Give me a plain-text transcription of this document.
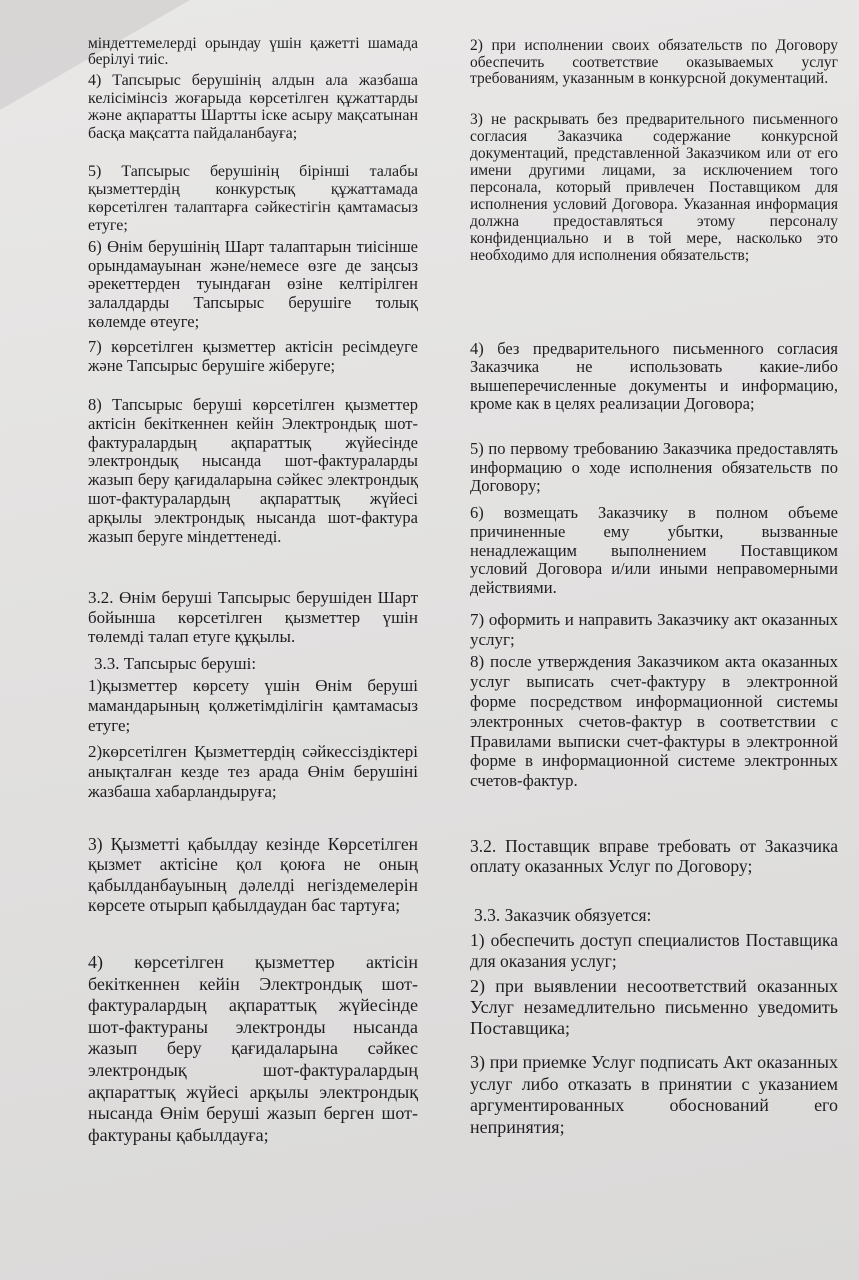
міндеттемелерді орындау үшін қажетті шамада берілуі тиіс.

4) Тапсырыс берушінің алдын ала жазбаша келісімінсіз жоғарыда көрсетілген құжаттарды және ақпаратты Шартты іске асыру мақсатынан басқа мақсатта пайдаланбауға;

5) Тапсырыс берушінің бірінші талабы қызметтердің конкурстық құжаттамада көрсетілген талаптарға сәйкестігін қамтамасыз етуге;

6) Өнім берушінің Шарт талаптарын тиісінше орындамауынан және/немесе өзге де заңсыз әрекеттерден туындаған өзіне келтірілген залалдарды Тапсырыс берушіге толық көлемде өтеуге;

7) көрсетілген қызметтер актісін ресімдеуге және Тапсырыс берушіге жіберуге;

8) Тапсырыс беруші көрсетілген қызметтер актісін бекіткеннен кейін Электрондық шот-фактуралардың ақпараттық жүйесінде электрондық нысанда шот-фактураларды жазып беру қағидаларына сәйкес электрондық шот-фактуралардың ақпараттық жүйесі арқылы электрондық нысанда шот-фактура жазып беруге міндеттенеді.

3.2. Өнім беруші Тапсырыс берушіден Шарт бойынша көрсетілген қызметтер үшін төлемді талап етуге құқылы.

3.3. Тапсырыс беруші:

1)қызметтер көрсету үшін Өнім беруші мамандарының қолжетімділігін қамтамасыз етуге;

2)көрсетілген Қызметтердің сәйкессіздіктері анықталған кезде тез арада Өнім берушіні жазбаша хабарландыруға;

3) Қызметті қабылдау кезінде Көрсетілген қызмет актісіне қол қоюға не оның қабылданбауының дәлелді негіздемелерін көрсете отырып қабылдаудан бас тартуға;

4) көрсетілген қызметтер актісін бекіткеннен кейін Электрондық шот-фактуралардың ақпараттық жүйесінде шот-фактураны электронды нысанда жазып беру қағидаларына сәйкес электрондық шот-фактуралардың ақпараттық жүйесі арқылы электрондық нысанда Өнім беруші жазып берген шот-фактураны қабылдауға;

2) при исполнении своих обязательств по Договору обеспечить соответствие оказываемых услуг требованиям, указанным в конкурсной документаций.

3) не раскрывать без предварительного письменного согласия Заказчика содержание конкурсной документаций, представленной Заказчиком или от его имени другими лицами, за исключением того персонала, который привлечен Поставщиком для исполнения условий Договора. Указанная информация должна предоставляться этому персоналу конфиденциально и в той мере, насколько это необходимо для исполнения обязательств;

4) без предварительного письменного согласия Заказчика не использовать какие-либо вышеперечисленные документы и информацию, кроме как в целях реализации Договора;

5) по первому требованию Заказчика предоставлять информацию о ходе исполнения обязательств по Договору;

6) возмещать Заказчику в полном объеме причиненные ему убытки, вызванные ненадлежащим выполнением Поставщиком условий Договора и/или иными неправомерными действиями.

7) оформить и направить Заказчику акт оказанных услуг;

8) после утверждения Заказчиком акта оказанных услуг выписать счет-фактуру в электронной форме посредством информационной системы электронных счетов-фактур в соответствии с Правилами выписки счет-фактуры в электронной форме в информационной системе электронных счетов-фактур.

3.2. Поставщик вправе требовать от Заказчика оплату оказанных Услуг по Договору;

3.3. Заказчик обязуется:

1) обеспечить доступ специалистов Поставщика для оказания услуг;

2) при выявлении несоответствий оказанных Услуг незамедлительно письменно уведомить Поставщика;

3) при приемке Услуг подписать Акт оказанных услуг либо отказать в принятии с указанием аргументированных обоснований его непринятия;
